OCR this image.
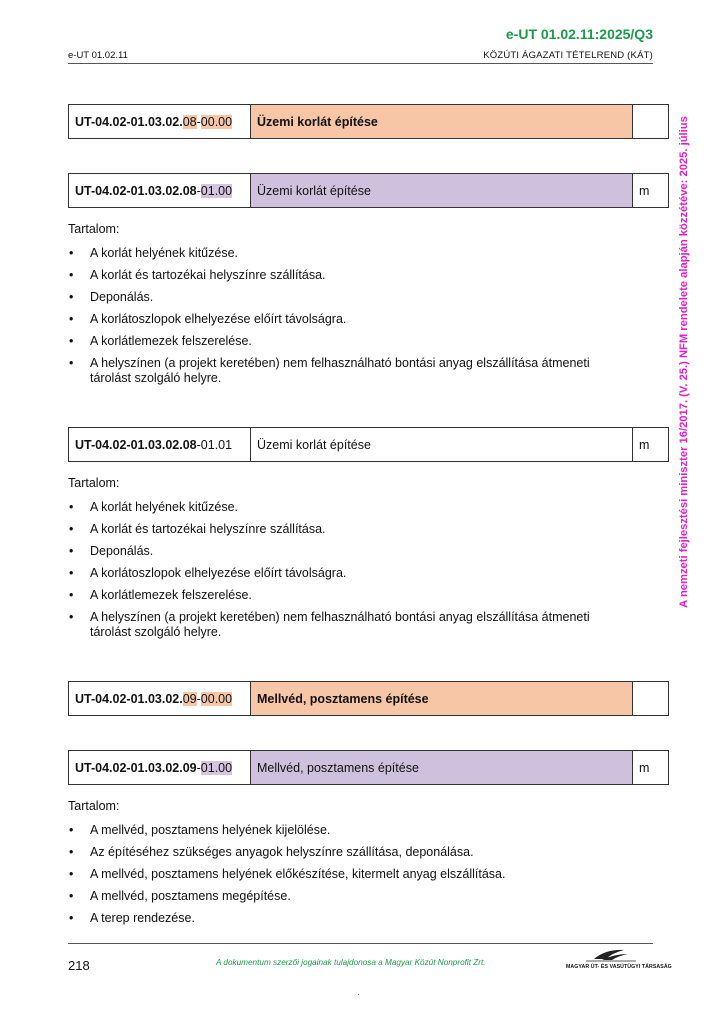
e-UT 01.02.11:2025/Q3
e-UT 01.02.11	KÖZÚTI ÁGAZATI TÉTELREND (KÁT)
A nemzeti fejlesztési miniszter 16/2017. (V. 25.) NFM rendelete alapján közzétéve: 2025. július
UT-04.02-01.03.02.08-00.00	Üzemi korlát építése	
UT-04.02-01.03.02.08-01.00	Üzemi korlát építése	m
Tartalom:
• A korlát helyének kitűzése.
• A korlát és tartozékai helyszínre szállítása.
• Deponálás.
• A korlátoszlopok elhelyezése előírt távolságra.
• A korlátlemezek felszerelése.
• A helyszínen (a projekt keretében) nem felhasználható bontási anyag elszállítása átmeneti tárolást szolgáló helyre.
UT-04.02-01.03.02.08-01.01	Üzemi korlát építése	m
Tartalom:
• A korlát helyének kitűzése.
• A korlát és tartozékai helyszínre szállítása.
• Deponálás.
• A korlátoszlopok elhelyezése előírt távolságra.
• A korlátlemezek felszerelése.
• A helyszínen (a projekt keretében) nem felhasználható bontási anyag elszállítása átmeneti tárolást szolgáló helyre.
UT-04.02-01.03.02.09-00.00	Mellvéd, posztamens építése	
UT-04.02-01.03.02.09-01.00	Mellvéd, posztamens építése	m
Tartalom:
• A mellvéd, posztamens helyének kijelölése.
• Az építéséhez szükséges anyagok helyszínre szállítása, deponálása.
• A mellvéd, posztamens helyének előkészítése, kitermelt anyag elszállítása.
• A mellvéd, posztamens megépítése.
• A terep rendezése.
218	A dokumentum szerzői jogainak tulajdonosa a Magyar Közút Nonprofit Zrt.	MAGYAR ÚT- ÉS VASÚTÜGYI TÁRSASÁG
